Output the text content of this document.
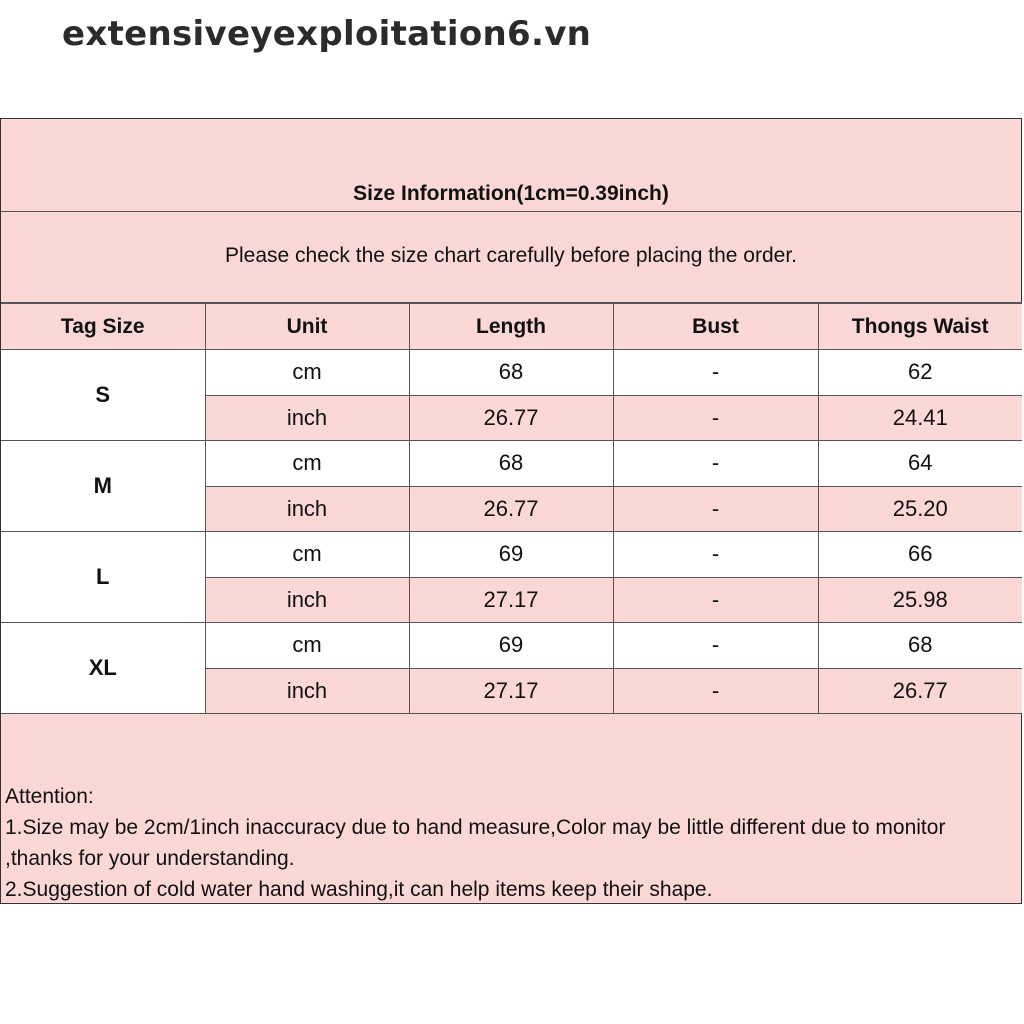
extensiveyexploitation6.vn
Size Information(1cm=0.39inch)
Please check the size chart carefully before placing the order.
Tag Size	Unit	Length	Bust	Thongs Waist
S	cm	68	-	62
	inch	26.77	-	24.41
M	cm	68	-	64
	inch	26.77	-	25.20
L	cm	69	-	66
	inch	27.17	-	25.98
XL	cm	69	-	68
	inch	27.17	-	26.77
Attention:
1.Size may be 2cm/1inch inaccuracy due to hand measure,Color may be little different due to monitor ,thanks for your understanding.
2.Suggestion of cold water hand washing,it can help items keep their shape.
